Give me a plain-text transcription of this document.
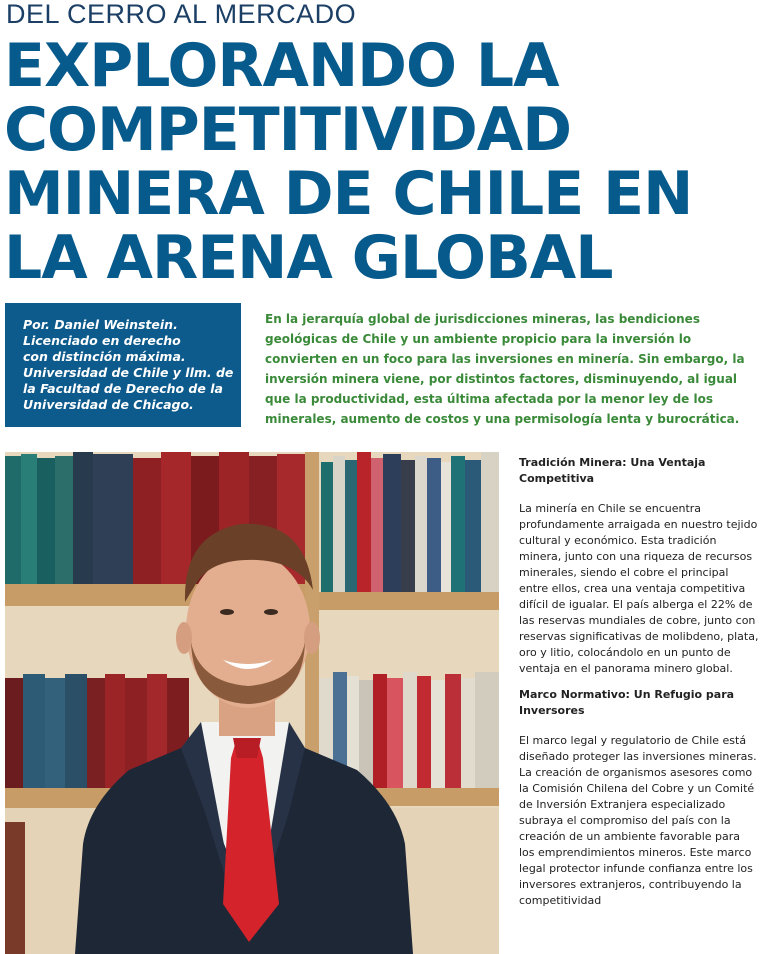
DEL CERRO AL MERCADO
EXPLORANDO LA
COMPETITIVIDAD
MINERA DE CHILE EN
LA ARENA GLOBAL
Por. Daniel Weinstein.
Licenciado en derecho
con distinción máxima.
Universidad de Chile y llm. de
la Facultad de Derecho de la
Universidad de Chicago.

En la jerarquía global de jurisdicciones mineras, las bendiciones geológicas de Chile y un ambiente propicio para la inversión lo convierten en un foco para las inversiones en minería. Sin embargo, la inversión minera viene, por distintos factores, disminuyendo, al igual que la productividad, esta última afectada por la menor ley de los minerales, aumento de costos y una permisología lenta y burocrática.

Tradición Minera: Una Ventaja Competitiva

La minería en Chile se encuentra profundamente arraigada en nuestro tejido cultural y económico. Esta tradición minera, junto con una riqueza de recursos minerales, siendo el cobre el principal entre ellos, crea una ventaja competitiva difícil de igualar. El país alberga el 22% de las reservas mundiales de cobre, junto con reservas significativas de molibdeno, plata, oro y litio, colocándolo en un punto de ventaja en el panorama minero global.

Marco Normativo: Un Refugio para Inversores

El marco legal y regulatorio de Chile está diseñado proteger las inversiones mineras. La creación de organismos asesores como la Comisión Chilena del Cobre y un Comité de Inversión Extranjera especializado subraya el compromiso del país con la creación de un ambiente favorable para los emprendimientos mineros. Este marco legal protector infunde confianza entre los inversores extranjeros, contribuyendo la competitividad
